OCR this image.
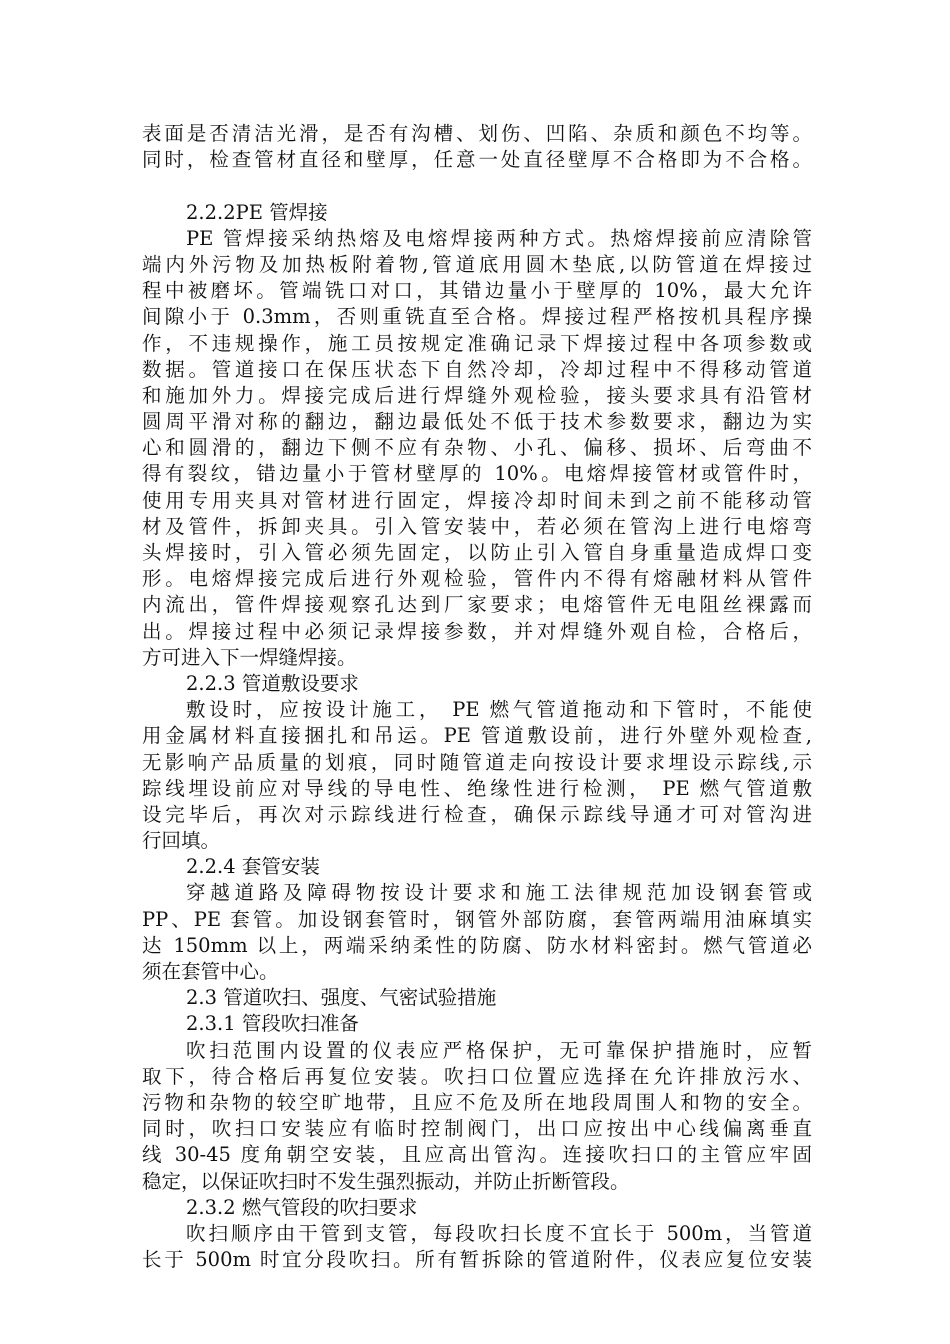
表面是否清洁光滑，是否有沟槽、划伤、凹陷、杂质和颜色不均等。
同时，检查管材直径和壁厚，任意一处直径壁厚不合格即为不合格。
2.2.2PE 管焊接
PE 管焊接采纳热熔及电熔焊接两种方式。热熔焊接前应清除管
端内外污物及加热板附着物,管道底用圆木垫底,以防管道在焊接过
程中被磨坏。管端铣口对口，其错边量小于壁厚的 10%，最大允许
间隙小于 0.3mm，否则重铣直至合格。焊接过程严格按机具程序操
作，不违规操作，施工员按规定准确记录下焊接过程中各项参数或
数据。管道接口在保压状态下自然冷却，冷却过程中不得移动管道
和施加外力。焊接完成后进行焊缝外观检验，接头要求具有沿管材
圆周平滑对称的翻边，翻边最低处不低于技术参数要求，翻边为实
心和圆滑的，翻边下侧不应有杂物、小孔、偏移、损坏、后弯曲不
得有裂纹，错边量小于管材壁厚的 10%。电熔焊接管材或管件时，
使用专用夹具对管材进行固定，焊接冷却时间未到之前不能移动管
材及管件，拆卸夹具。引入管安装中，若必须在管沟上进行电熔弯
头焊接时，引入管必须先固定，以防止引入管自身重量造成焊口变
形。电熔焊接完成后进行外观检验，管件内不得有熔融材料从管件
内流出，管件焊接观察孔达到厂家要求；电熔管件无电阻丝裸露而
出。焊接过程中必须记录焊接参数，并对焊缝外观自检，合格后，
方可进入下一焊缝焊接。
2.2.3 管道敷设要求
敷设时，应按设计施工， PE 燃气管道拖动和下管时，不能使
用金属材料直接捆扎和吊运。PE 管道敷设前，进行外壁外观检查,
无影响产品质量的划痕，同时随管道走向按设计要求埋设示踪线,示
踪线埋设前应对导线的导电性、绝缘性进行检测， PE 燃气管道敷
设完毕后，再次对示踪线进行检查，确保示踪线导通才可对管沟进
行回填。
2.2.4 套管安装
穿越道路及障碍物按设计要求和施工法律规范加设钢套管或
PP、PE 套管。加设钢套管时，钢管外部防腐，套管两端用油麻填实
达 150mm 以上，两端采纳柔性的防腐、防水材料密封。燃气管道必
须在套管中心。
2.3 管道吹扫、强度、气密试验措施
2.3.1 管段吹扫准备
吹扫范围内设置的仪表应严格保护，无可靠保护措施时，应暂
取下，待合格后再复位安装。吹扫口位置应选择在允许排放污水、
污物和杂物的较空旷地带，且应不危及所在地段周围人和物的安全。
同时，吹扫口安装应有临时控制阀门，出口应按出中心线偏离垂直
线 30-45 度角朝空安装，且应高出管沟。连接吹扫口的主管应牢固
稳定，以保证吹扫时不发生强烈振动，并防止折断管段。
2.3.2 燃气管段的吹扫要求
吹扫顺序由干管到支管，每段吹扫长度不宜长于 500m，当管道
长于 500m 时宜分段吹扫。所有暂拆除的管道附件，仪表应复位安装
